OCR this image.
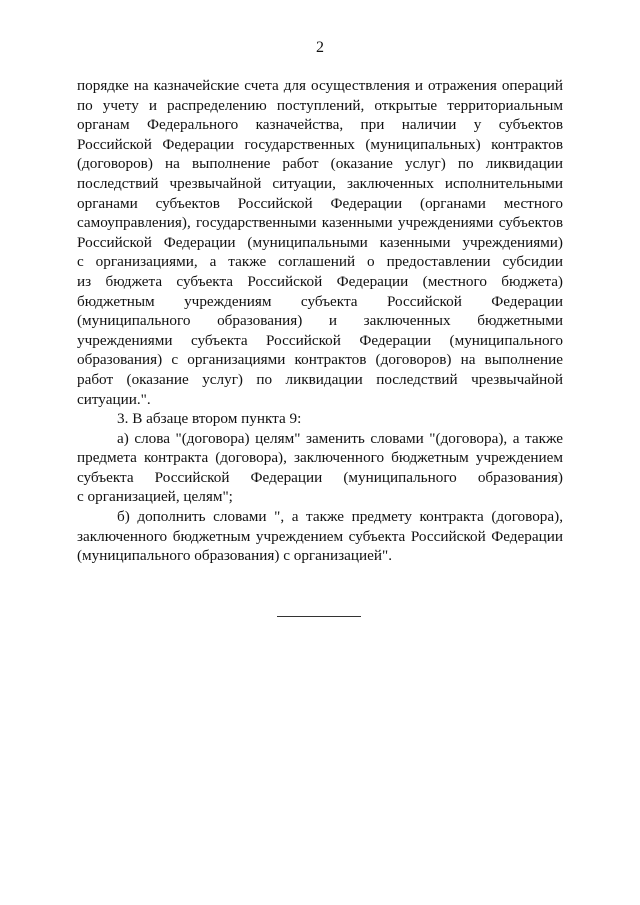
2
порядке на казначейские счета для осуществления и отражения операций
по учету и распределению поступлений, открытые территориальным
органам Федерального казначейства, при наличии у субъектов
Российской Федерации государственных (муниципальных) контрактов
(договоров) на выполнение работ (оказание услуг) по ликвидации
последствий чрезвычайной ситуации, заключенных исполнительными
органами субъектов Российской Федерации (органами местного
самоуправления), государственными казенными учреждениями субъектов
Российской Федерации (муниципальными казенными учреждениями)
с организациями, а также соглашений о предоставлении субсидии
из бюджета субъекта Российской Федерации (местного бюджета)
бюджетным учреждениям субъекта Российской Федерации
(муниципального образования) и заключенных бюджетными
учреждениями субъекта Российской Федерации (муниципального
образования) с организациями контрактов (договоров) на выполнение
работ (оказание услуг) по ликвидации последствий чрезвычайной
ситуации.".
3. В абзаце втором пункта 9:
а) слова "(договора) целям" заменить словами "(договора), а также
предмета контракта (договора), заключенного бюджетным учреждением
субъекта Российской Федерации (муниципального образования)
с организацией, целям";
б) дополнить словами ", а также предмету контракта (договора),
заключенного бюджетным учреждением субъекта Российской Федерации
(муниципального образования) с организацией".
